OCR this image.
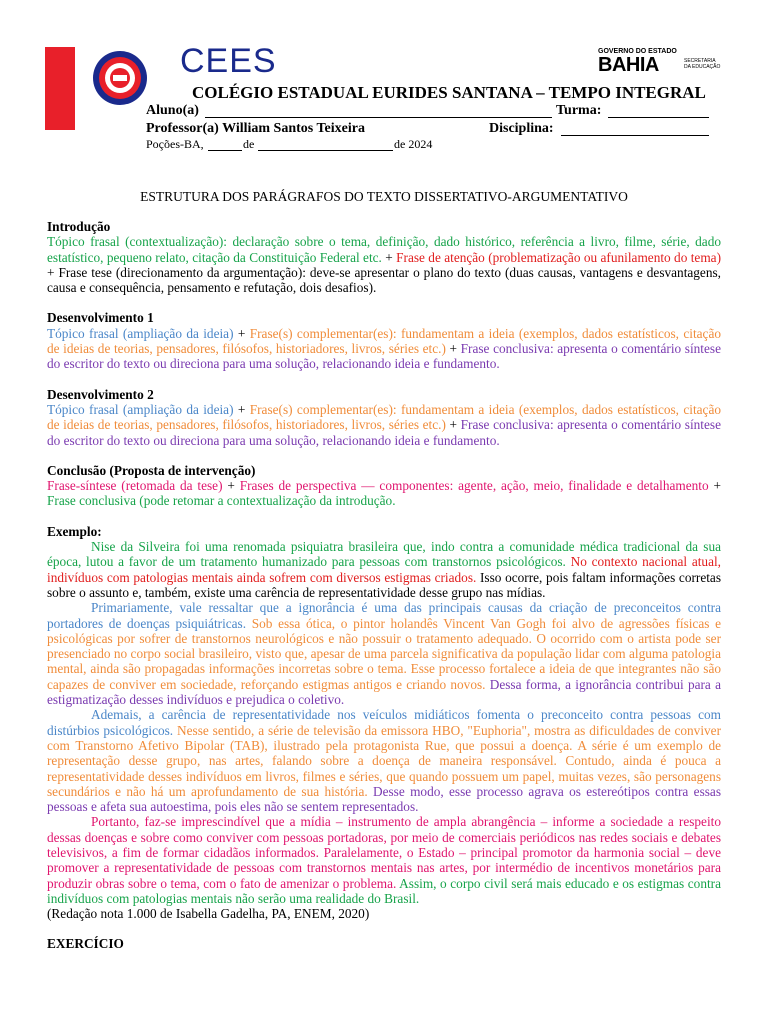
CEES	GOVERNO DO ESTADO
BAHIA	SECRETARIA
DA EDUCAÇÃO
COLÉGIO ESTADUAL EURIDES SANTANA – TEMPO INTEGRAL
Aluno(a)	Turma:
Professor(a) William Santos Teixeira	Disciplina:
Poções-BA,	de	de 2024
ESTRUTURA DOS PARÁGRAFOS DO TEXTO DISSERTATIVO-ARGUMENTATIVO
Introdução

Tópico frasal (contextualização): declaração sobre o tema, definição, dado histórico, referência a livro, filme, série, dado estatístico, pequeno relato, citação da Constituição Federal etc. + Frase de atenção (problematização ou afunilamento do tema) + Frase tese (direcionamento da argumentação): deve-se apresentar o plano do texto (duas causas, vantagens e desvantagens, causa e consequência, pensamento e refutação, dois desafios).

Desenvolvimento 1

Tópico frasal (ampliação da ideia) + Frase(s) complementar(es): fundamentam a ideia (exemplos, dados estatísticos, citação de ideias de teorias, pensadores, filósofos, historiadores, livros, séries etc.) + Frase conclusiva: apresenta o comentário síntese do escritor do texto ou direciona para uma solução, relacionando ideia e fundamento.

Desenvolvimento 2

Tópico frasal (ampliação da ideia) + Frase(s) complementar(es): fundamentam a ideia (exemplos, dados estatísticos, citação de ideias de teorias, pensadores, filósofos, historiadores, livros, séries etc.) + Frase conclusiva: apresenta o comentário síntese do escritor do texto ou direciona para uma solução, relacionando ideia e fundamento.

Conclusão (Proposta de intervenção)

Frase-síntese (retomada da tese) + Frases de perspectiva — componentes: agente, ação, meio, finalidade e detalhamento + Frase conclusiva (pode retomar a contextualização da introdução.

Exemplo:

Nise da Silveira foi uma renomada psiquiatra brasileira que, indo contra a comunidade médica tradicional da sua época, lutou a favor de um tratamento humanizado para pessoas com transtornos psicológicos. No contexto nacional atual, indivíduos com patologias mentais ainda sofrem com diversos estigmas criados. Isso ocorre, pois faltam informações corretas sobre o assunto e, também, existe uma carência de representatividade desse grupo nas mídias.

Primariamente, vale ressaltar que a ignorância é uma das principais causas da criação de preconceitos contra portadores de doenças psiquiátricas. Sob essa ótica, o pintor holandês Vincent Van Gogh foi alvo de agressões físicas e psicológicas por sofrer de transtornos neurológicos e não possuir o tratamento adequado. O ocorrido com o artista pode ser presenciado no corpo social brasileiro, visto que, apesar de uma parcela significativa da população lidar com alguma patologia mental, ainda são propagadas informações incorretas sobre o tema. Esse processo fortalece a ideia de que integrantes não são capazes de conviver em sociedade, reforçando estigmas antigos e criando novos. Dessa forma, a ignorância contribui para a estigmatização desses indivíduos e prejudica o coletivo.

Ademais, a carência de representatividade nos veículos midiáticos fomenta o preconceito contra pessoas com distúrbios psicológicos. Nesse sentido, a série de televisão da emissora HBO, "Euphoria", mostra as dificuldades de conviver com Transtorno Afetivo Bipolar (TAB), ilustrado pela protagonista Rue, que possui a doença. A série é um exemplo de representação desse grupo, nas artes, falando sobre a doença de maneira responsável. Contudo, ainda é pouca a representatividade desses indivíduos em livros, filmes e séries, que quando possuem um papel, muitas vezes, são personagens secundários e não há um aprofundamento de sua história. Desse modo, esse processo agrava os estereótipos contra essas pessoas e afeta sua autoestima, pois eles não se sentem representados.

Portanto, faz-se imprescindível que a mídia – instrumento de ampla abrangência – informe a sociedade a respeito dessas doenças e sobre como conviver com pessoas portadoras, por meio de comerciais periódicos nas redes sociais e debates televisivos, a fim de formar cidadãos informados. Paralelamente, o Estado – principal promotor da harmonia social – deve promover a representatividade de pessoas com transtornos mentais nas artes, por intermédio de incentivos monetários para produzir obras sobre o tema, com o fato de amenizar o problema. Assim, o corpo civil será mais educado e os estigmas contra indivíduos com patologias mentais não serão uma realidade do Brasil.

(Redação nota 1.000 de Isabella Gadelha, PA, ENEM, 2020)

EXERCÍCIO
